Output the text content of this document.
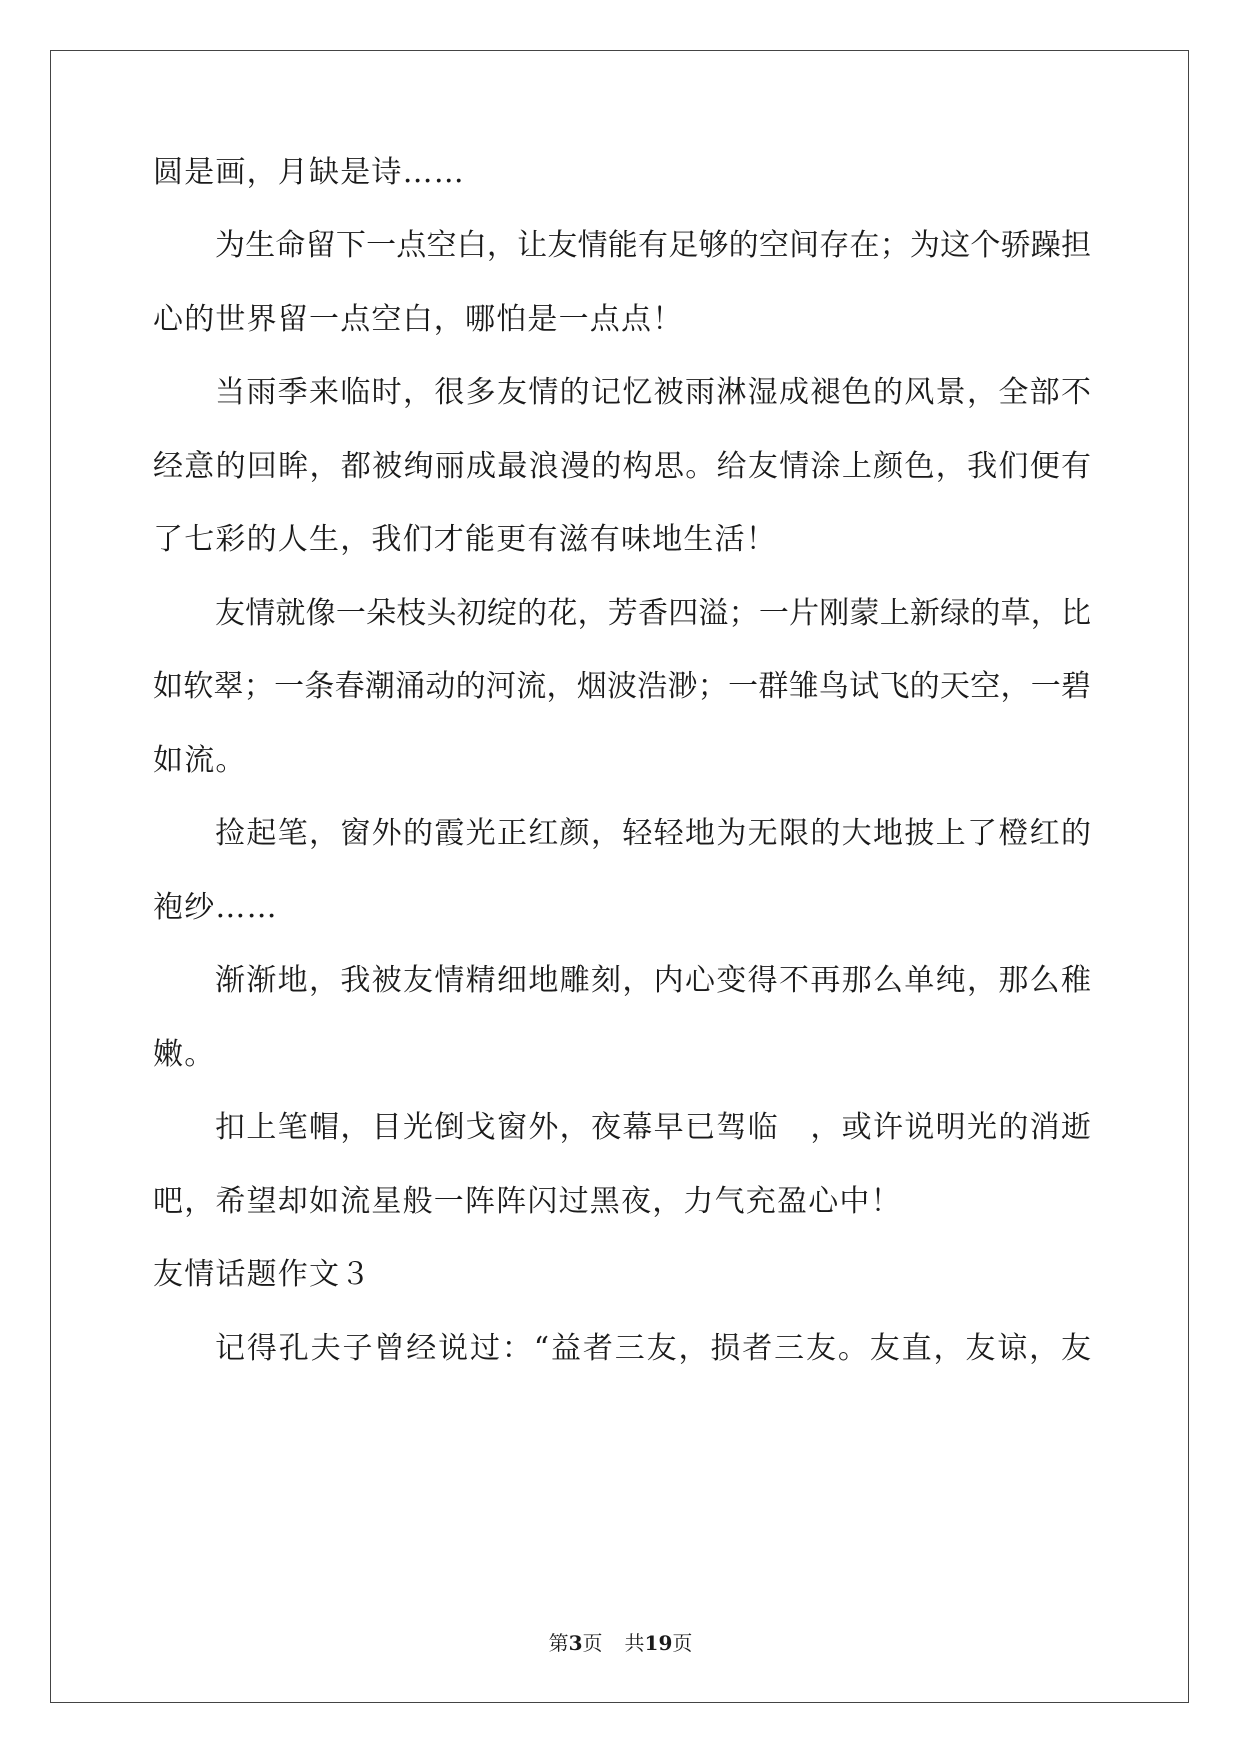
圆是画，月缺是诗……
为生命留下一点空白，让友情能有足够的空间存在；为这个骄躁担
心的世界留一点空白，哪怕是一点点！
当雨季来临时，很多友情的记忆被雨淋湿成褪色的风景，全部不
经意的回眸，都被绚丽成最浪漫的构思。给友情涂上颜色，我们便有
了七彩的人生，我们才能更有滋有味地生活！
友情就像一朵枝头初绽的花，芳香四溢；一片刚蒙上新绿的草，比
如软翠；一条春潮涌动的河流，烟波浩渺；一群雏鸟试飞的天空，一碧
如流。
捡起笔，窗外的霞光正红颜，轻轻地为无限的大地披上了橙红的
袍纱……
渐渐地，我被友情精细地雕刻，内心变得不再那么单纯，那么稚
嫩。
扣上笔帽，目光倒戈窗外，夜幕早已驾临　，或许说明光的消逝
吧，希望却如流星般一阵阵闪过黑夜，力气充盈心中！
友情话题作文３
记得孔夫子曾经说过：“益者三友，损者三友。友直，友谅，友
第3页 共19页
